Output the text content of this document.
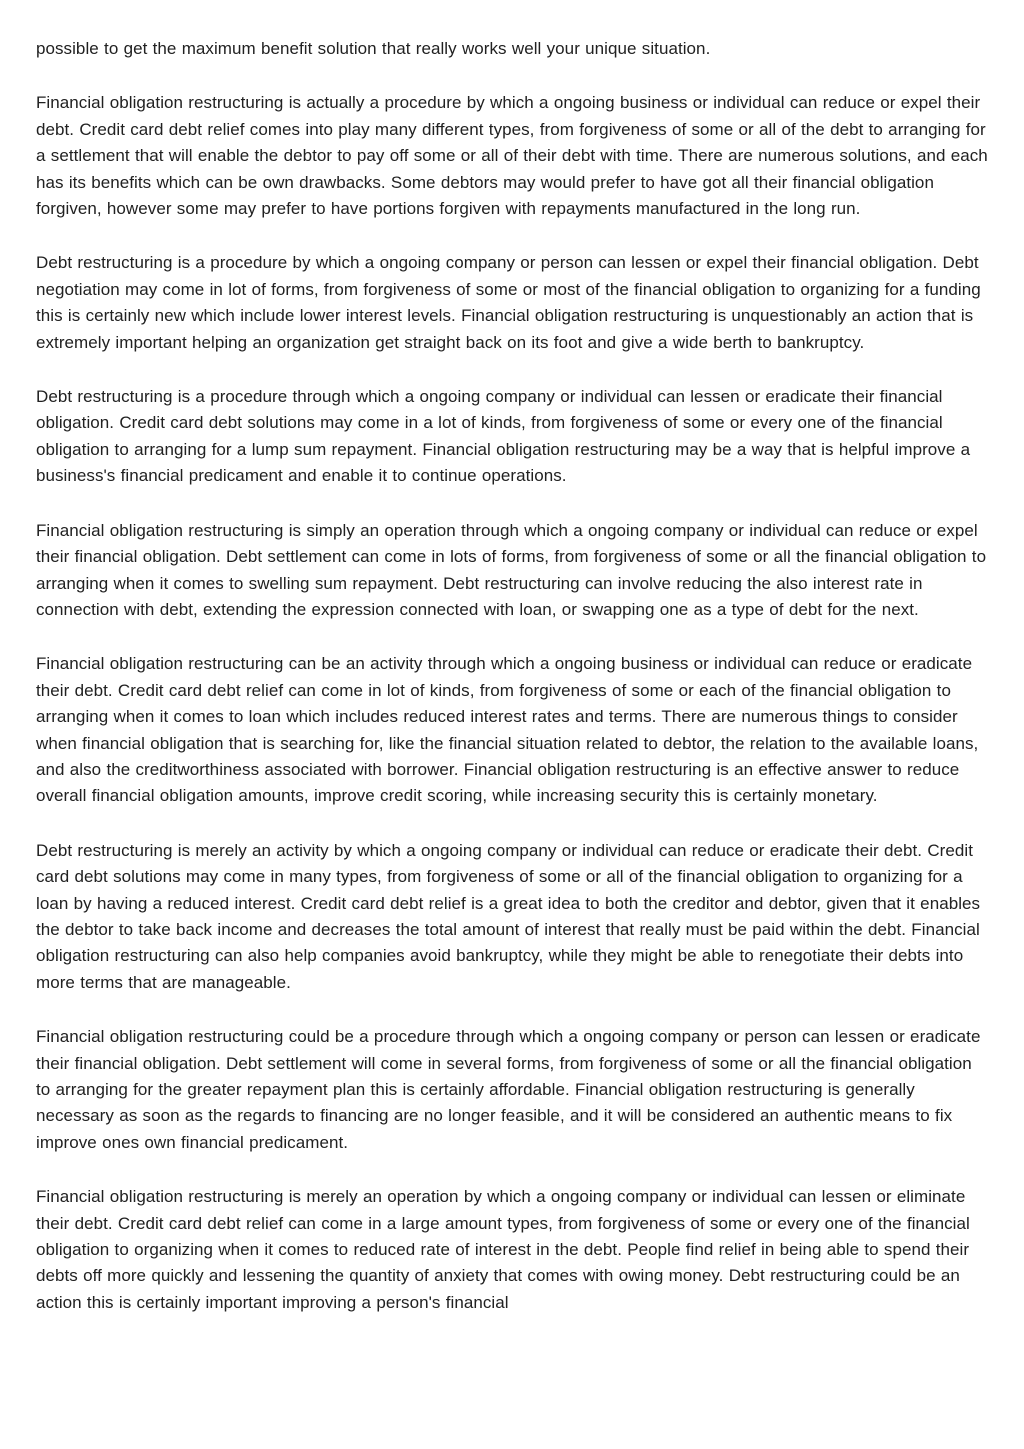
possible to get the maximum benefit solution that really works well your unique situation.

Financial obligation restructuring is actually a procedure by which a ongoing business or individual can reduce or expel their debt. Credit card debt relief comes into play many different types, from forgiveness of some or all of the debt to arranging for a settlement that will enable the debtor to pay off some or all of their debt with time. There are numerous solutions, and each has its benefits which can be own drawbacks. Some debtors may would prefer to have got all their financial obligation forgiven, however some may prefer to have portions forgiven with repayments manufactured in the long run.

Debt restructuring is a procedure by which a ongoing company or person can lessen or expel their financial obligation. Debt negotiation may come in lot of forms, from forgiveness of some or most of the financial obligation to organizing for a funding this is certainly new which include lower interest levels. Financial obligation restructuring is unquestionably an action that is extremely important helping an organization get straight back on its foot and give a wide berth to bankruptcy.

Debt restructuring is a procedure through which a ongoing company or individual can lessen or eradicate their financial obligation. Credit card debt solutions may come in a lot of kinds, from forgiveness of some or every one of the financial obligation to arranging for a lump sum repayment. Financial obligation restructuring may be a way that is helpful improve a business's financial predicament and enable it to continue operations.

Financial obligation restructuring is simply an operation through which a ongoing company or individual can reduce or expel their financial obligation. Debt settlement can come in lots of forms, from forgiveness of some or all the financial obligation to arranging when it comes to swelling sum repayment. Debt restructuring can involve reducing the also interest rate in connection with debt, extending the expression connected with loan, or swapping one as a type of debt for the next.

Financial obligation restructuring can be an activity through which a ongoing business or individual can reduce or eradicate their debt. Credit card debt relief can come in lot of kinds, from forgiveness of some or each of the financial obligation to arranging when it comes to loan which includes reduced interest rates and terms. There are numerous things to consider when financial obligation that is searching for, like the financial situation related to debtor, the relation to the available loans, and also the creditworthiness associated with borrower. Financial obligation restructuring is an effective answer to reduce overall financial obligation amounts, improve credit scoring, while increasing security this is certainly monetary.

Debt restructuring is merely an activity by which a ongoing company or individual can reduce or eradicate their debt. Credit card debt solutions may come in many types, from forgiveness of some or all of the financial obligation to organizing for a loan by having a reduced interest. Credit card debt relief is a great idea to both the creditor and debtor, given that it enables the debtor to take back income and decreases the total amount of interest that really must be paid within the debt. Financial obligation restructuring can also help companies avoid bankruptcy, while they might be able to renegotiate their debts into more terms that are manageable.

Financial obligation restructuring could be a procedure through which a ongoing company or person can lessen or eradicate their financial obligation. Debt settlement will come in several forms, from forgiveness of some or all the financial obligation to arranging for the greater repayment plan this is certainly affordable. Financial obligation restructuring is generally necessary as soon as the regards to financing are no longer feasible, and it will be considered an authentic means to fix improve ones own financial predicament.

Financial obligation restructuring is merely an operation by which a ongoing company or individual can lessen or eliminate their debt. Credit card debt relief can come in a large amount types, from forgiveness of some or every one of the financial obligation to organizing when it comes to reduced rate of interest in the debt. People find relief in being able to spend their debts off more quickly and lessening the quantity of anxiety that comes with owing money. Debt restructuring could be an action this is certainly important improving a person's financial
